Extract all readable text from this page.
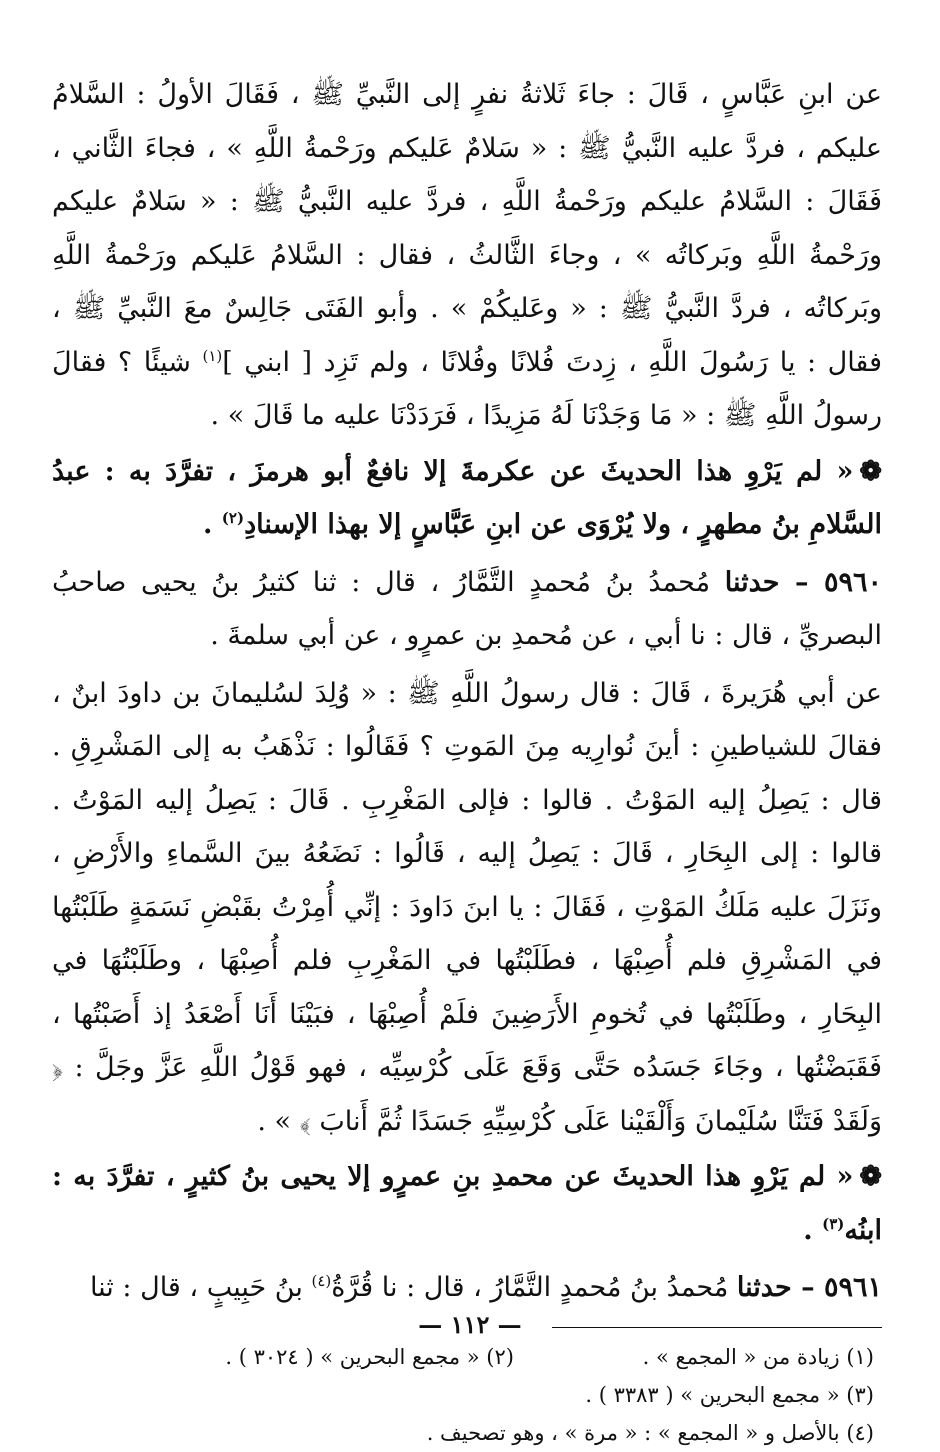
عن ابنِ عَبَّاسٍ ، قَالَ : جاءَ ثَلاثةُ نفرٍ إلى النَّبيِّ ﷺ ، فَقَالَ الأولُ : السَّلامُ عليكم ، فردَّ عليه النَّبيُّ ﷺ : « سَلامٌ عَليكم ورَحْمةُ اللَّهِ » ، فجاءَ الثَّاني ، فَقَالَ : السَّلامُ عليكم ورَحْمةُ اللَّهِ ، فردَّ عليه النَّبيُّ ﷺ : « سَلامٌ عليكم ورَحْمةُ اللَّهِ وبَركاتُه » ، وجاءَ الثَّالثُ ، فقال : السَّلامُ عَليكم ورَحْمةُ اللَّهِ وبَركاتُه ، فردَّ النَّبيُّ ﷺ : « وعَليكُمْ » . وأبو الفَتَى جَالِسٌ معَ النَّبيِّ ﷺ ، فقال : يا رَسُولَ اللَّهِ ، زِدتَ فُلانًا وفُلانًا ، ولم تَزِد [ ابني ]$^{(١)}$ شيئًا ؟ فقالَ رسولُ اللَّهِ ﷺ : « مَا وَجَدْنَا لَهُ مَزِيدًا ، فَرَدَدْنَا عليه ما قَالَ » .

❁« لم يَرْوِ هذا الحديثَ عن عكرمةَ إلا نافعٌ أبو هرمزَ ، تفرَّدَ به : عبدُ السَّلامِ بنُ مطهرٍ ، ولا يُرْوَى عن ابنِ عَبَّاسٍ إلا بهذا الإسنادِ$^{(٢)}$ .

٥٩٦٠ – حدثنا مُحمدُ بنُ مُحمدٍ التَّمَّارُ ، قال : ثنا كثيرُ بنُ يحيى صاحبُ البصريِّ ، قال : نا أبي ، عن مُحمدِ بن عمرٍو ، عن أبي سلمةَ .

عن أبي هُرَيرةَ ، قَالَ : قال رسولُ اللَّهِ ﷺ : « وُلِدَ لسُليمانَ بن داودَ ابنٌ ، فقالَ للشياطينِ : أينَ نُوارِيه مِنَ المَوتِ ؟ فَقَالُوا : نَذْهَبُ به إلى المَشْرِقِ . قال : يَصِلُ إليه المَوْتُ . قالوا : فإلى المَغْرِبِ . قَالَ : يَصِلُ إليه المَوْتُ . قالوا : إلى البِحَارِ ، قَالَ : يَصِلُ إليه ، قَالُوا : نَضَعُهُ بينَ السَّماءِ والأَرْضِ ، ونَزَلَ عليه مَلَكُ المَوْتِ ، فَقَالَ : يا ابنَ دَاودَ : إنِّي أُمِرْتُ بقَبْضِ نَسَمَةٍ طَلَبْتُها في المَشْرِقِ فلم أُصِبْهَا ، فطَلَبْتُها في المَغْرِبِ فلم أُصِبْهَا ، وطَلَبْتُهَا في البِحَارِ ، وطَلَبْتُها في تُخومِ الأَرَضِينَ فلَمْ أُصِبْهَا ، فبَيْنَا أَنَا أَصْعَدُ إذ أَصَبْتُها ، فَقَبَضْتُها ، وجَاءَ جَسَدُه حَتَّى وَقَعَ عَلَى كُرْسِيِّه ، فهو قَوْلُ اللَّهِ عَزَّ وجَلَّ : ﴿ وَلَقَدْ فَتَنَّا سُلَيْمانَ وَأَلْقَيْنا عَلَى كُرْسِيِّهِ جَسَدًا ثُمَّ أَنابَ ﴾ » .

❁« لم يَرْوِ هذا الحديثَ عن محمدِ بنِ عمرٍو إلا يحيى بنُ كثيرٍ ، تفرَّدَ به : ابنُه$^{(٣)}$ .

٥٩٦١ – حدثنا مُحمدُ بنُ مُحمدٍ التَّمَّارُ ، قال : نا قُرَّةُ$^{(٤)}$ بنُ حَبِيبٍ ، قال : ثنا

(١) زيادة من « المجمع » .
(٢) « مجمع البحرين » ( ٣٠٢٤ ) .
(٣) « مجمع البحرين » ( ٣٣٨٣ ) .
(٤) بالأصل و « المجمع » : « مرة » ، وهو تصحيف .
— ١١٢ —
